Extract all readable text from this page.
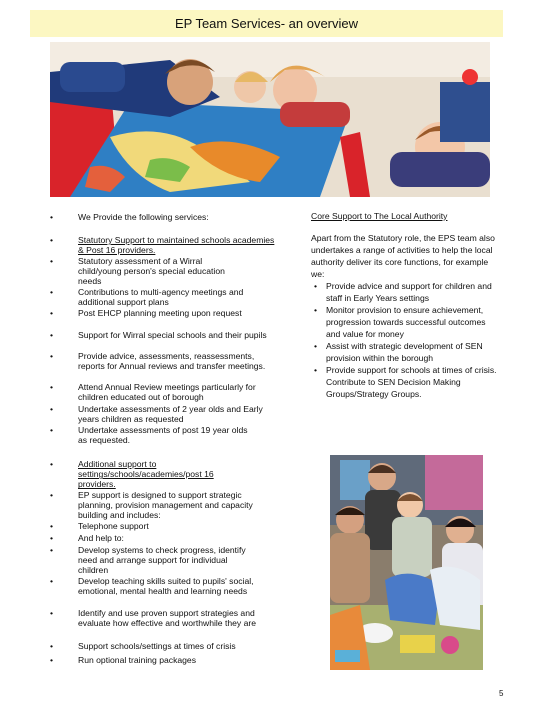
EP Team Services- an overview
•	We Provide the following services:
•	Statutory Support to maintained schools academies & Post 16 providers.
•	Statutory assessment of a Wirral child/young person's special education needs
•	Contributions to multi-agency meetings and additional support plans
•	Post EHCP planning meeting upon request
•	Support for Wirral special schools and their pupils
•	Provide advice, assessments, reassessments, reports for Annual reviews and transfer meetings.
•	Attend Annual Review meetings particularly for children educated out of borough
•	Undertake assessments of 2 year olds and Early years children as requested
•	Undertake assessments of post 19 year olds as requested.
•	Additional support to settings/schools/academies/post 16 providers.
•	EP support is designed to support strategic planning, provision management and capacity building and includes:
•	Telephone support
•	And help to:
•	Develop systems to check progress, identify need and arrange support for individual children
•	Develop teaching skills suited to pupils' social, emotional, mental health and learning needs
•	Identify and use proven support strategies and evaluate how effective and worthwhile they are
•	Support schools/settings at times of crisis
•	Run optional training packages
Core Support to The Local Authority
Apart from the Statutory role, the EPS team also undertakes a range of activities to help the local authority deliver its core functions, for example we:
• Provide advice and support for children and staff in Early Years settings
• Monitor provision to ensure achievement, progression towards successful outcomes and value for money
• Assist with strategic development of SEN provision within the borough
• Provide support for schools at times of crisis. Contribute to SEN Decision Making Groups/Strategy Groups.
5
